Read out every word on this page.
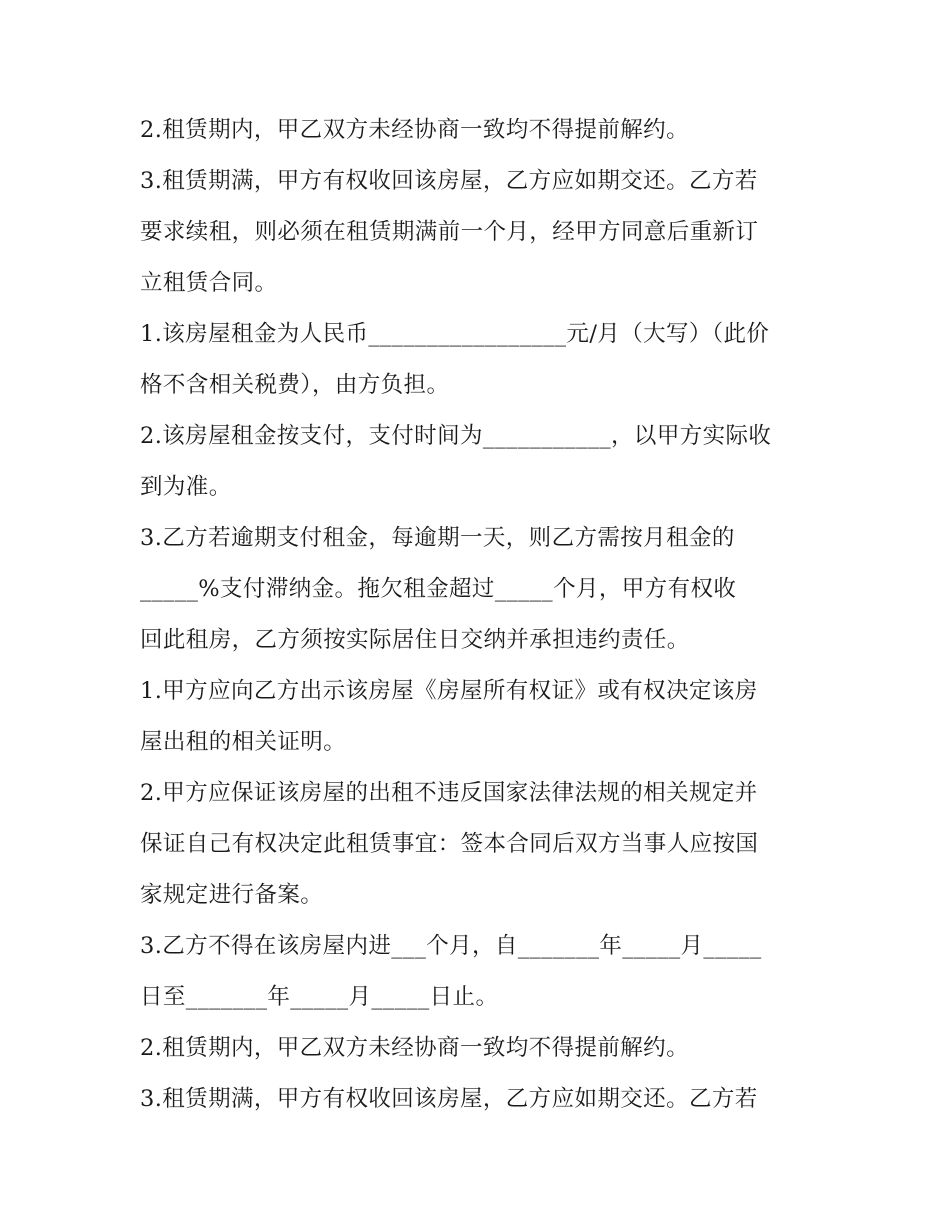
2.租赁期内，甲乙双方未经协商一致均不得提前解约。
3.租赁期满，甲方有权收回该房屋，乙方应如期交还。乙方若
要求续租，则必须在租赁期满前一个月，经甲方同意后重新订
立租赁合同。
1.该房屋租金为人民币_________________元/月（大写）（此价
格不含相关税费），由方负担。
2.该房屋租金按支付，支付时间为___________，以甲方实际收
到为准。
3.乙方若逾期支付租金，每逾期一天，则乙方需按月租金的
_____%支付滞纳金。拖欠租金超过_____个月，甲方有权收
回此租房，乙方须按实际居住日交纳并承担违约责任。
1.甲方应向乙方出示该房屋《房屋所有权证》或有权决定该房
屋出租的相关证明。
2.甲方应保证该房屋的出租不违反国家法律法规的相关规定并
保证自己有权决定此租赁事宜：签本合同后双方当事人应按国
家规定进行备案。
3.乙方不得在该房屋内进___个月，自_______年_____月_____
日至_______年_____月_____日止。
2.租赁期内，甲乙双方未经协商一致均不得提前解约。
3.租赁期满，甲方有权收回该房屋，乙方应如期交还。乙方若
